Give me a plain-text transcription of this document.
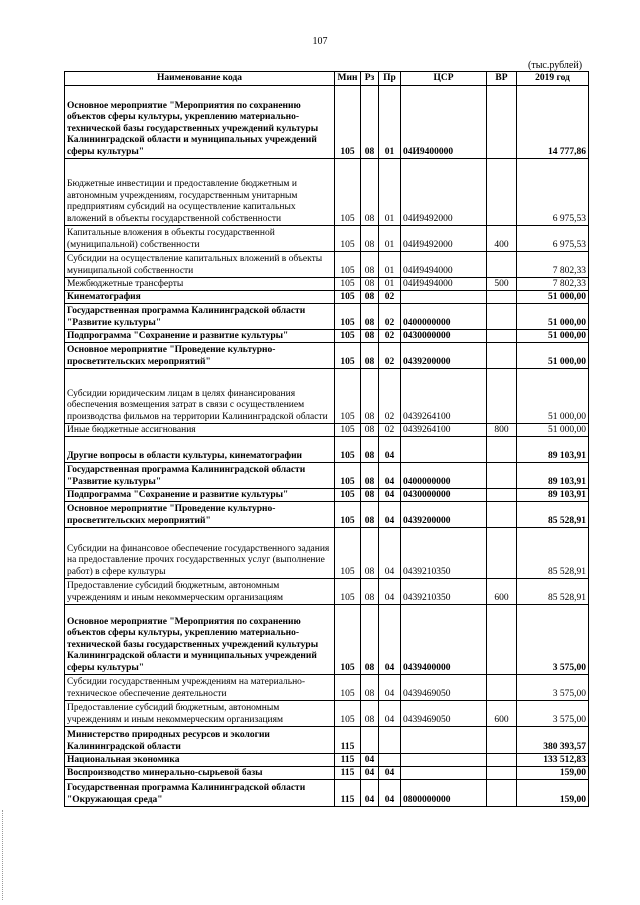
107
(тыс.рублей)
Наименование кода	Мин	Рз	Пр	ЦСР	ВР	2019 год
Основное мероприятие "Мероприятия по сохранению объектов сферы культуры, укреплению материально-технической базы государственных учреждений культуры Калининградской области и муниципальных учреждений сферы культуры"	105	08	01	04И9400000		14 777,86
Бюджетные инвестиции и предоставление бюджетным и автономным учреждениям, государственным унитарным предприятиям субсидий на осуществление капитальных вложений в объекты государственной собственности	105	08	01	04И9492000		6 975,53
Капитальные вложения в объекты государственной (муниципальной) собственности	105	08	01	04И9492000	400	6 975,53
Субсидии на осуществление капитальных вложений в объекты муниципальной собственности	105	08	01	04И9494000		7 802,33
Межбюджетные трансферты	105	08	01	04И9494000	500	7 802,33
Кинематография	105	08	02			51 000,00
Государственная программа Калининградской области "Развитие культуры"	105	08	02	0400000000		51 000,00
Подпрограмма "Сохранение и развитие культуры"	105	08	02	0430000000		51 000,00
Основное мероприятие "Проведение культурно-просветительских мероприятий"	105	08	02	0439200000		51 000,00
Субсидии юридическим лицам в целях финансирования обеспечения возмещения затрат в связи с осуществлением производства фильмов на территории Калининградской области	105	08	02	0439264100		51 000,00
Иные бюджетные ассигнования	105	08	02	0439264100	800	51 000,00
Другие вопросы в области культуры, кинематографии	105	08	04			89 103,91
Государственная программа Калининградской области "Развитие культуры"	105	08	04	0400000000		89 103,91
Подпрограмма "Сохранение и развитие культуры"	105	08	04	0430000000		89 103,91
Основное мероприятие "Проведение культурно-просветительских мероприятий"	105	08	04	0439200000		85 528,91
Субсидии на финансовое обеспечение государственного задания на предоставление прочих государственных услуг (выполнение работ) в сфере культуры	105	08	04	0439210350		85 528,91
Предоставление субсидий бюджетным, автономным учреждениям и иным некоммерческим организациям	105	08	04	0439210350	600	85 528,91
Основное мероприятие "Мероприятия по сохранению объектов сферы культуры, укреплению материально-технической базы государственных учреждений культуры Калининградской области и муниципальных учреждений сферы культуры"	105	08	04	0439400000		3 575,00
Субсидии государственным учреждениям на материально-техническое обеспечение деятельности	105	08	04	0439469050		3 575,00
Предоставление субсидий бюджетным, автономным учреждениям и иным некоммерческим организациям	105	08	04	0439469050	600	3 575,00
Министерство природных ресурсов и экологии Калининградской области	115					380 393,57
Национальная экономика	115	04				133 512,83
Воспроизводство минерально-сырьевой базы	115	04	04			159,00
Государственная программа Калининградской области "Окружающая среда"	115	04	04	0800000000		159,00
